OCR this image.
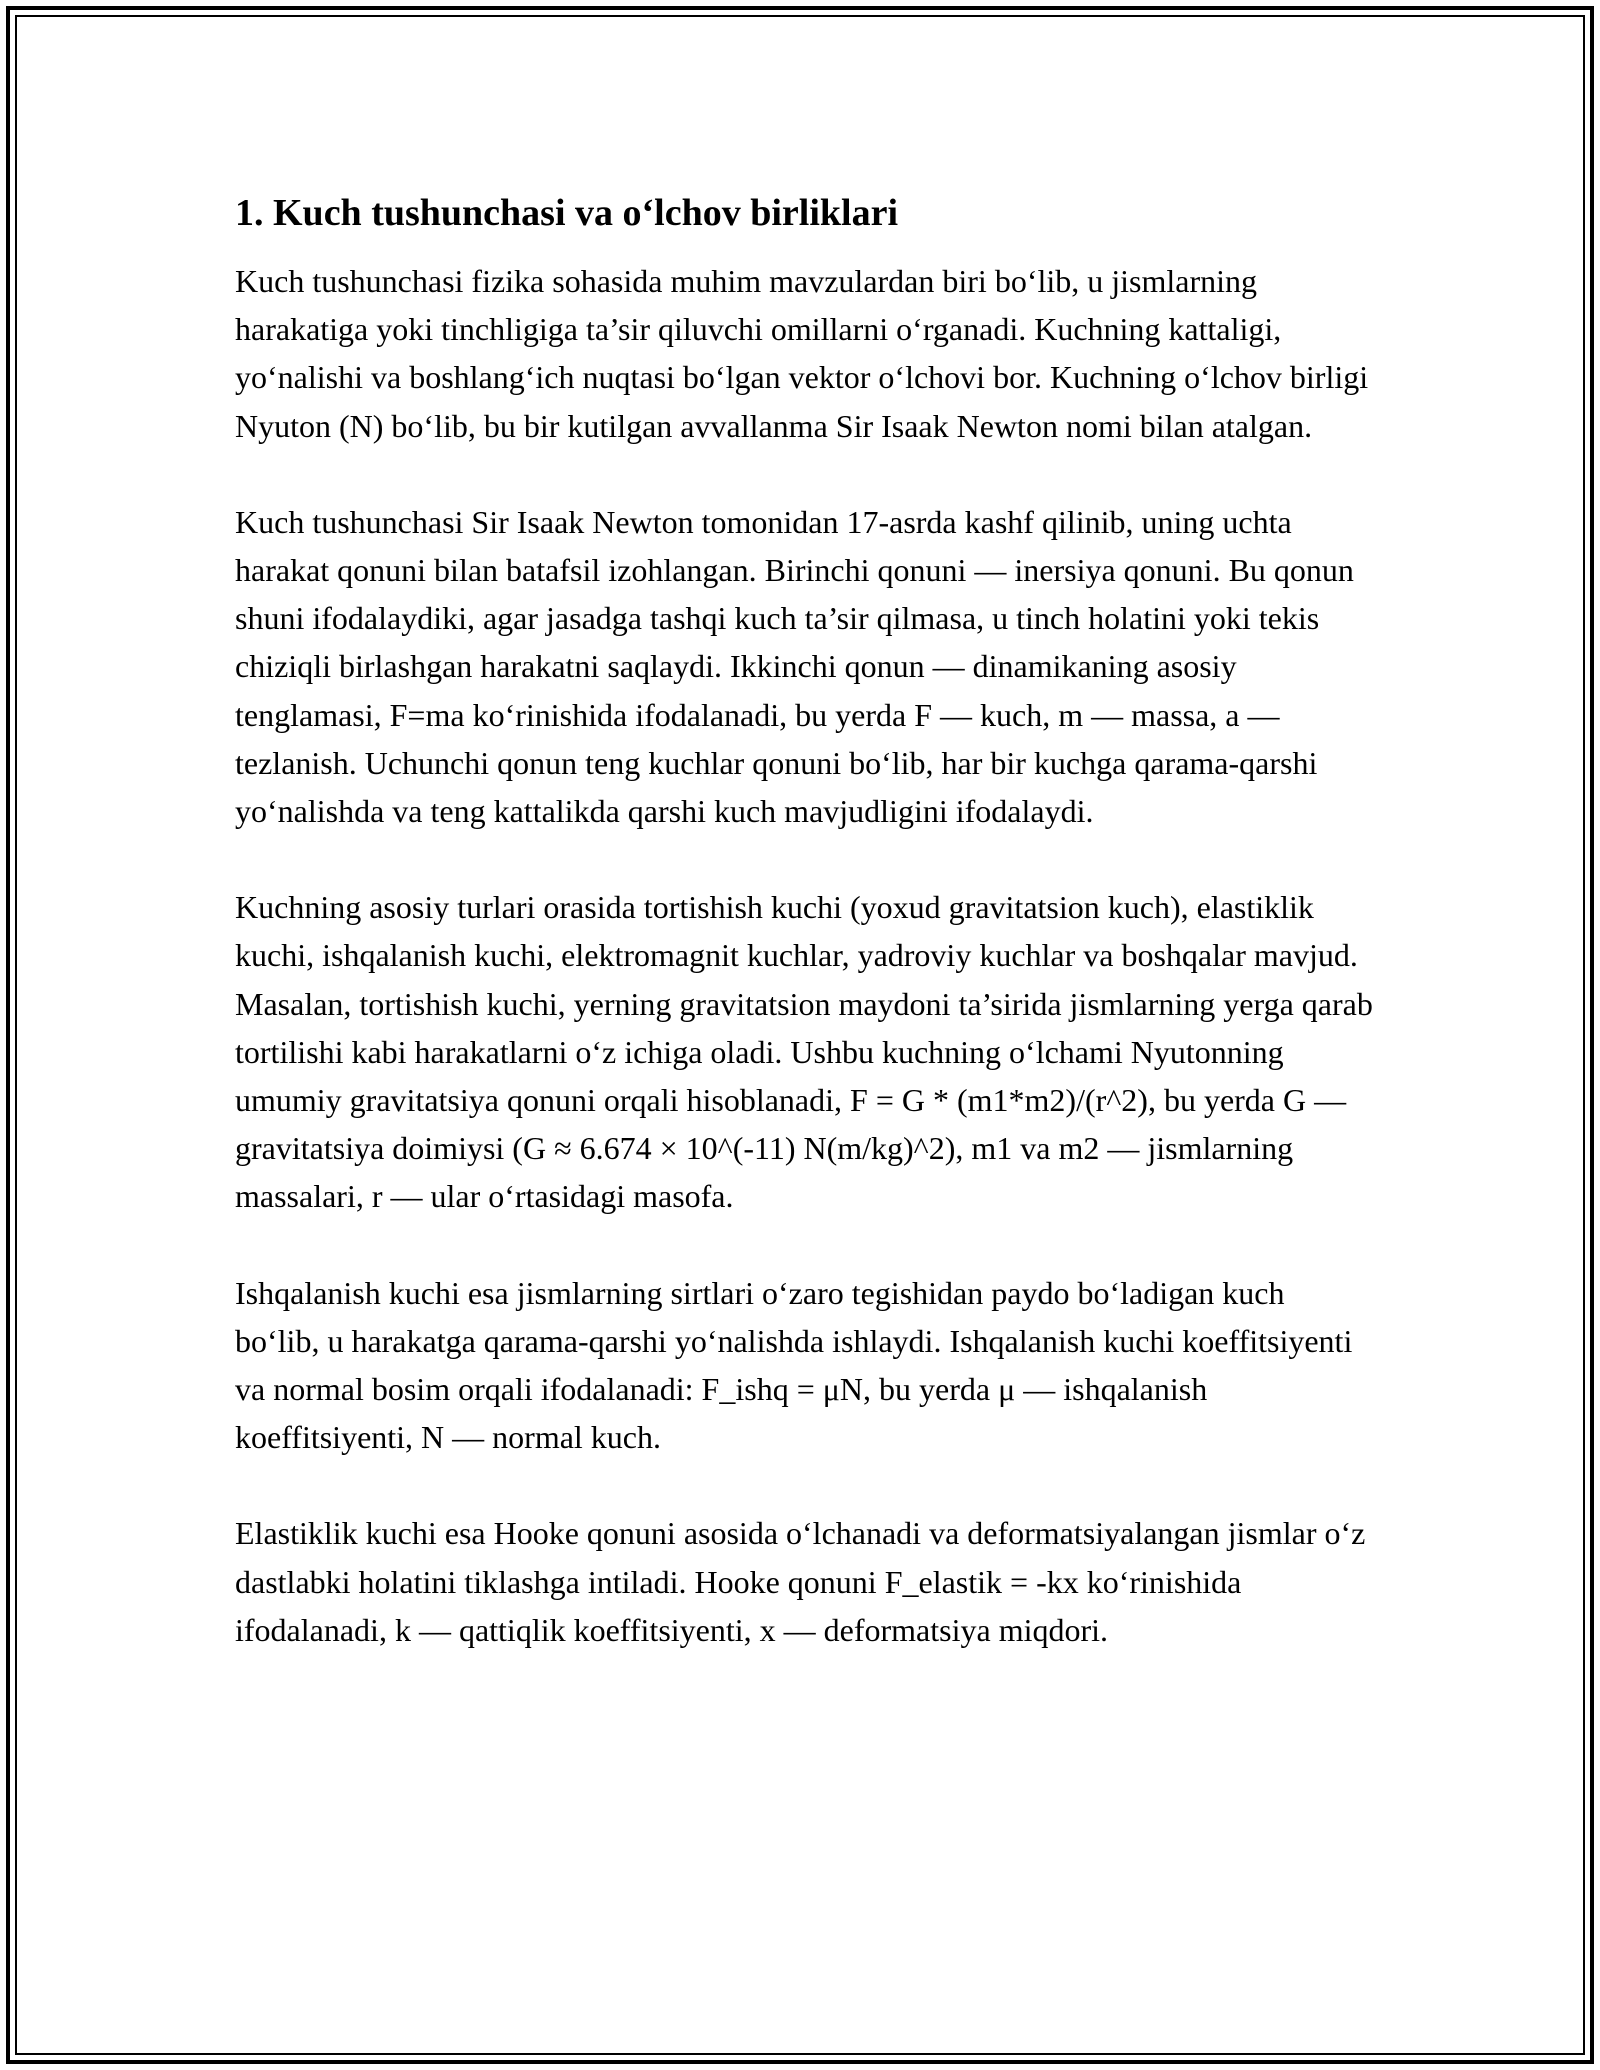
1. Kuch tushunchasi va o‘lchov birliklari

Kuch tushunchasi fizika sohasida muhim mavzulardan biri bo‘lib, u jismlarning harakatiga yoki tinchligiga ta’sir qiluvchi omillarni o‘rganadi. Kuchning kattaligi, yo‘nalishi va boshlang‘ich nuqtasi bo‘lgan vektor o‘lchovi bor. Kuchning o‘lchov birligi Nyuton (N) bo‘lib, bu bir kutilgan avvallanma Sir Isaak Newton nomi bilan atalgan.

Kuch tushunchasi Sir Isaak Newton tomonidan 17-asrda kashf qilinib, uning uchta harakat qonuni bilan batafsil izohlangan. Birinchi qonuni — inersiya qonuni. Bu qonun shuni ifodalaydiki, agar jasadga tashqi kuch ta’sir qilmasa, u tinch holatini yoki tekis chiziqli birlashgan harakatni saqlaydi. Ikkinchi qonun — dinamikaning asosiy tenglamasi, F=ma ko‘rinishida ifodalanadi, bu yerda F — kuch, m — massa, a — tezlanish. Uchunchi qonun teng kuchlar qonuni bo‘lib, har bir kuchga qarama-qarshi yo‘nalishda va teng kattalikda qarshi kuch mavjudligini ifodalaydi.

Kuchning asosiy turlari orasida tortishish kuchi (yoxud gravitatsion kuch), elastiklik kuchi, ishqalanish kuchi, elektromagnit kuchlar, yadroviy kuchlar va boshqalar mavjud. Masalan, tortishish kuchi, yerning gravitatsion maydoni ta’sirida jismlarning yerga qarab tortilishi kabi harakatlarni o‘z ichiga oladi. Ushbu kuchning o‘lchami Nyutonning umumiy gravitatsiya qonuni orqali hisoblanadi, F = G * (m1*m2)/(r^2), bu yerda G — gravitatsiya doimiysi (G ≈ 6.674 × 10^(-11) N(m/kg)^2), m1 va m2 — jismlarning massalari, r — ular o‘rtasidagi masofa.

Ishqalanish kuchi esa jismlarning sirtlari o‘zaro tegishidan paydo bo‘ladigan kuch bo‘lib, u harakatga qarama-qarshi yo‘nalishda ishlaydi. Ishqalanish kuchi koeffitsiyenti va normal bosim orqali ifodalanadi: F_ishq = μN, bu yerda μ — ishqalanish koeffitsiyenti, N — normal kuch.

Elastiklik kuchi esa Hooke qonuni asosida o‘lchanadi va deformatsiyalangan jismlar o‘z dastlabki holatini tiklashga intiladi. Hooke qonuni F_elastik = -kx ko‘rinishida ifodalanadi, k — qattiqlik koeffitsiyenti, x — deformatsiya miqdori.
